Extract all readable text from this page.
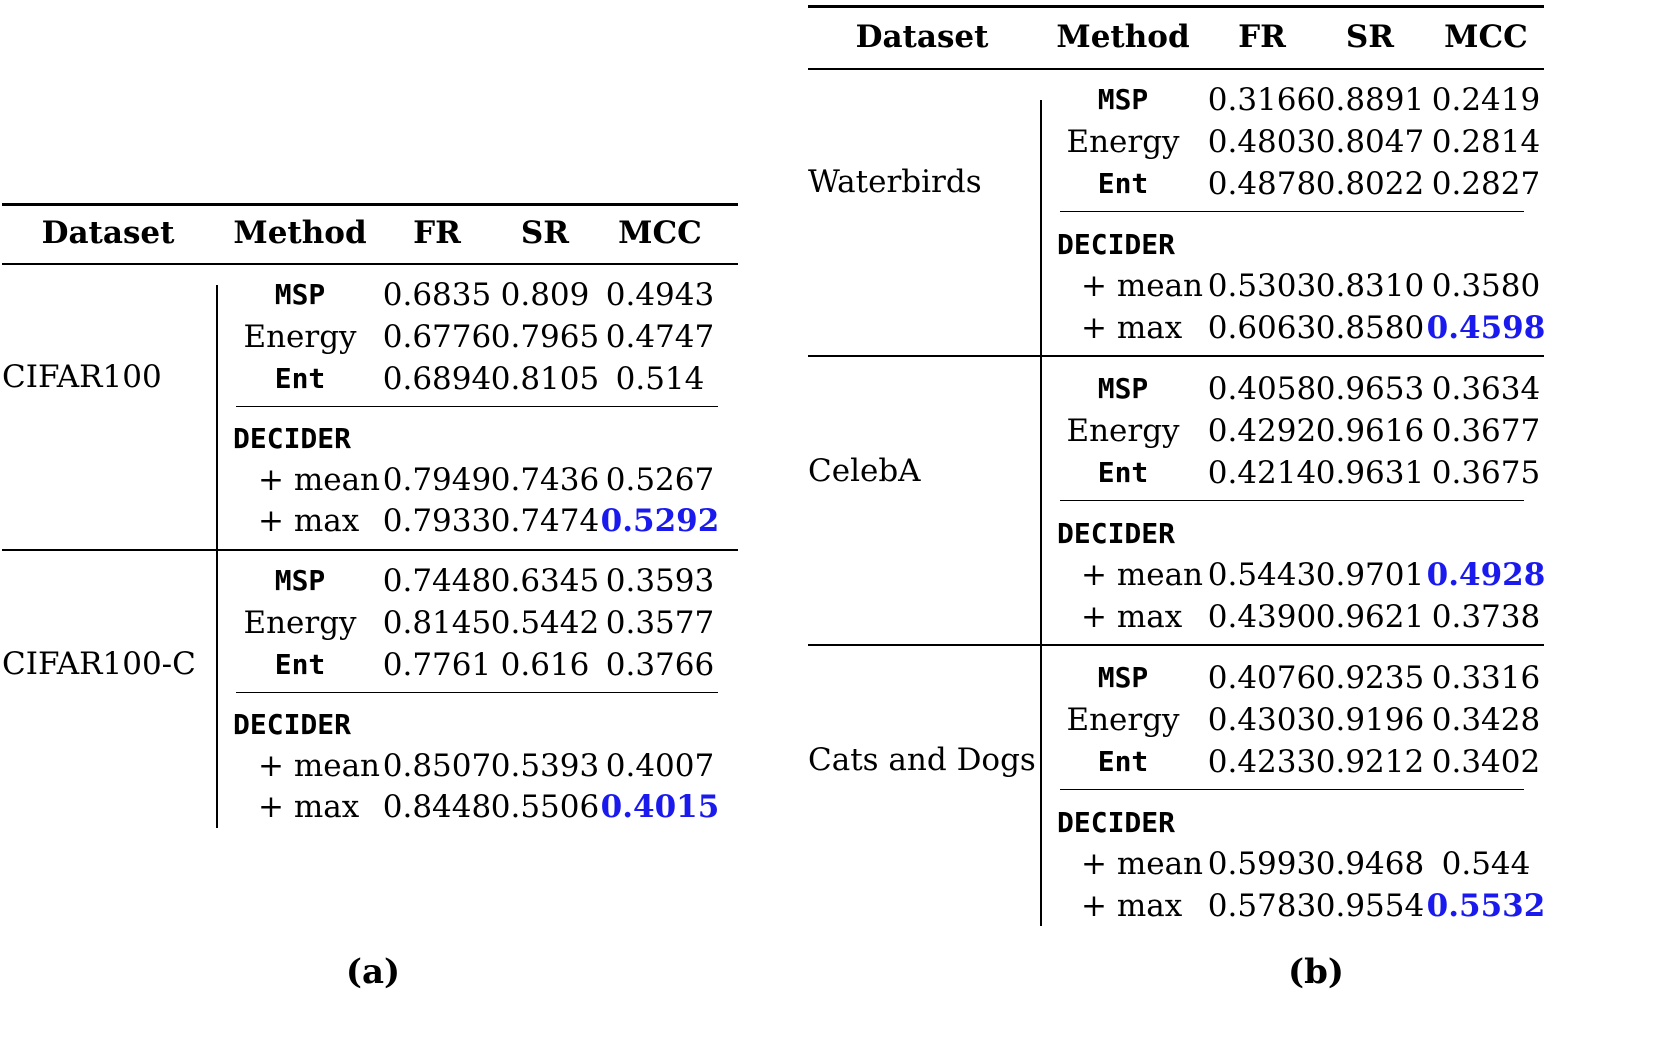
Dataset Method FR SR MCC
CIFAR100
MSP 0.6835 0.809 0.4943
Energy 0.6776 0.7965 0.4747
Ent 0.6894 0.8105 0.514
DECIDER
+ mean 0.7949 0.7436 0.5267
+ max 0.7933 0.7474 0.5292
CIFAR100-C
MSP 0.7448 0.6345 0.3593
Energy 0.8145 0.5442 0.3577
Ent 0.7761 0.616 0.3766
DECIDER
+ mean 0.8507 0.5393 0.4007
+ max 0.8448 0.5506 0.4015
(a)
Dataset Method FR SR MCC
Waterbirds
MSP 0.3166 0.8891 0.2419
Energy 0.4803 0.8047 0.2814
Ent 0.4878 0.8022 0.2827
DECIDER
+ mean 0.5303 0.8310 0.3580
+ max 0.6063 0.8580 0.4598
CelebA
MSP 0.4058 0.9653 0.3634
Energy 0.4292 0.9616 0.3677
Ent 0.4214 0.9631 0.3675
DECIDER
+ mean 0.5443 0.9701 0.4928
+ max 0.4390 0.9621 0.3738
Cats and Dogs
MSP 0.4076 0.9235 0.3316
Energy 0.4303 0.9196 0.3428
Ent 0.4233 0.9212 0.3402
DECIDER
+ mean 0.5993 0.9468 0.544
+ max 0.5783 0.9554 0.5532
(b)
